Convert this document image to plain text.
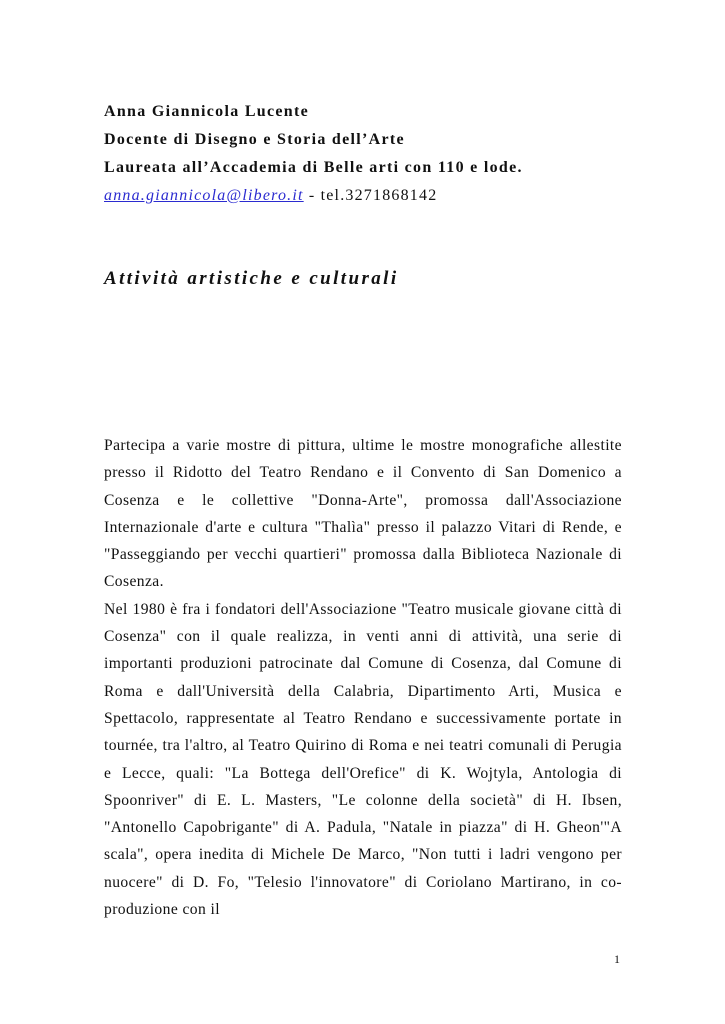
Anna Giannicola Lucente
Docente di Disegno e Storia dell’Arte
Laureata all’Accademia di Belle arti con 110 e lode.
anna.giannicola@libero.it - tel.3271868142
Attività artistiche e culturali

Partecipa a varie mostre di pittura, ultime le mostre monografiche allestite presso il Ridotto del Teatro Rendano e il Convento di San Domenico a Cosenza e le collettive "Donna-Arte", promossa dall'Associazione Internazionale d'arte e cultura "Thalìa" presso il palazzo Vitari di Rende, e "Passeggiando per vecchi quartieri" promossa dalla Biblioteca Nazionale di Cosenza.

Nel 1980 è fra i fondatori dell'Associazione "Teatro musicale giovane città di Cosenza" con il quale realizza, in venti anni di attività, una serie di importanti produzioni patrocinate dal Comune di Cosenza, dal Comune di Roma e dall'Università della Calabria, Dipartimento Arti, Musica e Spettacolo, rappresentate al Teatro Rendano e successivamente portate in tournée, tra l'altro, al Teatro Quirino di Roma e nei teatri comunali di Perugia e Lecce, quali: "La Bottega dell'Orefice" di K. Wojtyla, Antologia di Spoonriver" di E. L. Masters, "Le colonne della società" di H. Ibsen, "Antonello Capobrigante" di A. Padula, "Natale in piazza" di H. Gheon'"A scala", opera inedita di Michele De Marco, "Non tutti i ladri vengono per nuocere" di D. Fo, "Telesio l'innovatore" di Coriolano Martirano, in co-produzione con il

1
